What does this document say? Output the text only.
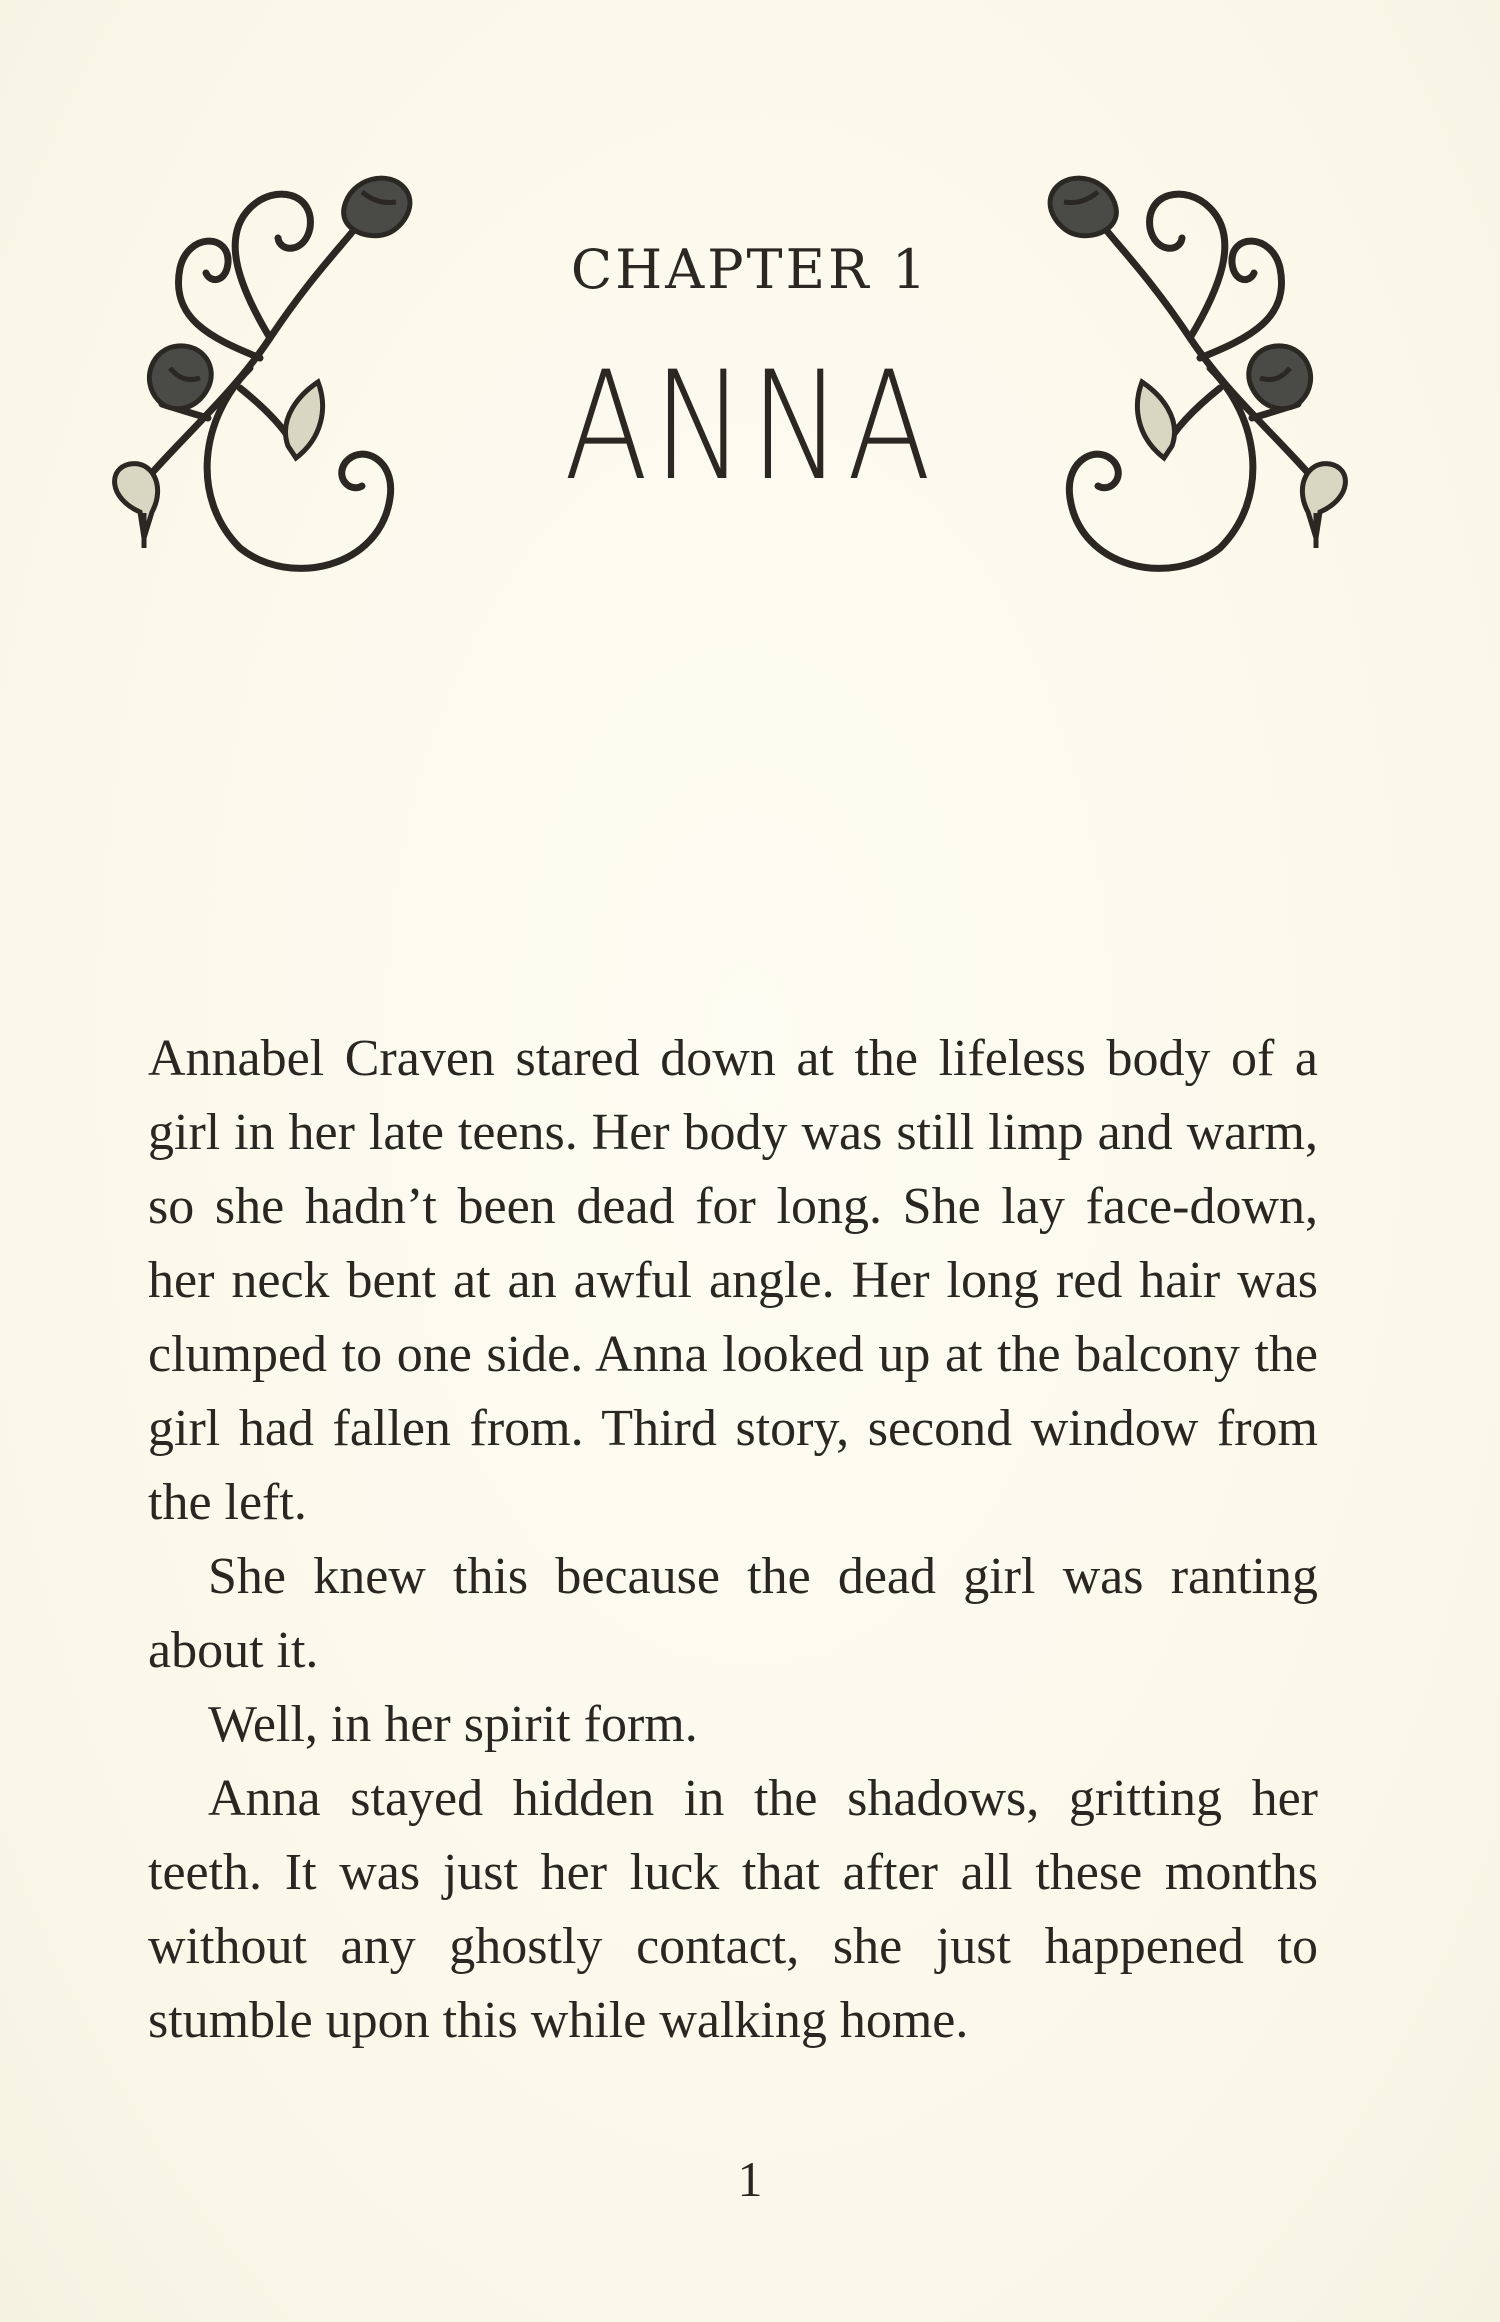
CHAPTER 1
ANNA

Annabel Craven stared down at the lifeless body of a girl in her late teens. Her body was still limp and warm, so she hadn’t been dead for long. She lay face-down, her neck bent at an awful angle. Her long red hair was clumped to one side. Anna looked up at the balcony the girl had fallen from. Third story, second window from the left.

She knew this because the dead girl was ranting about it.

Well, in her spirit form.

Anna stayed hidden in the shadows, gritting her teeth. It was just her luck that after all these months without any ghostly contact, she just happened to stumble upon this while walking home.

1
